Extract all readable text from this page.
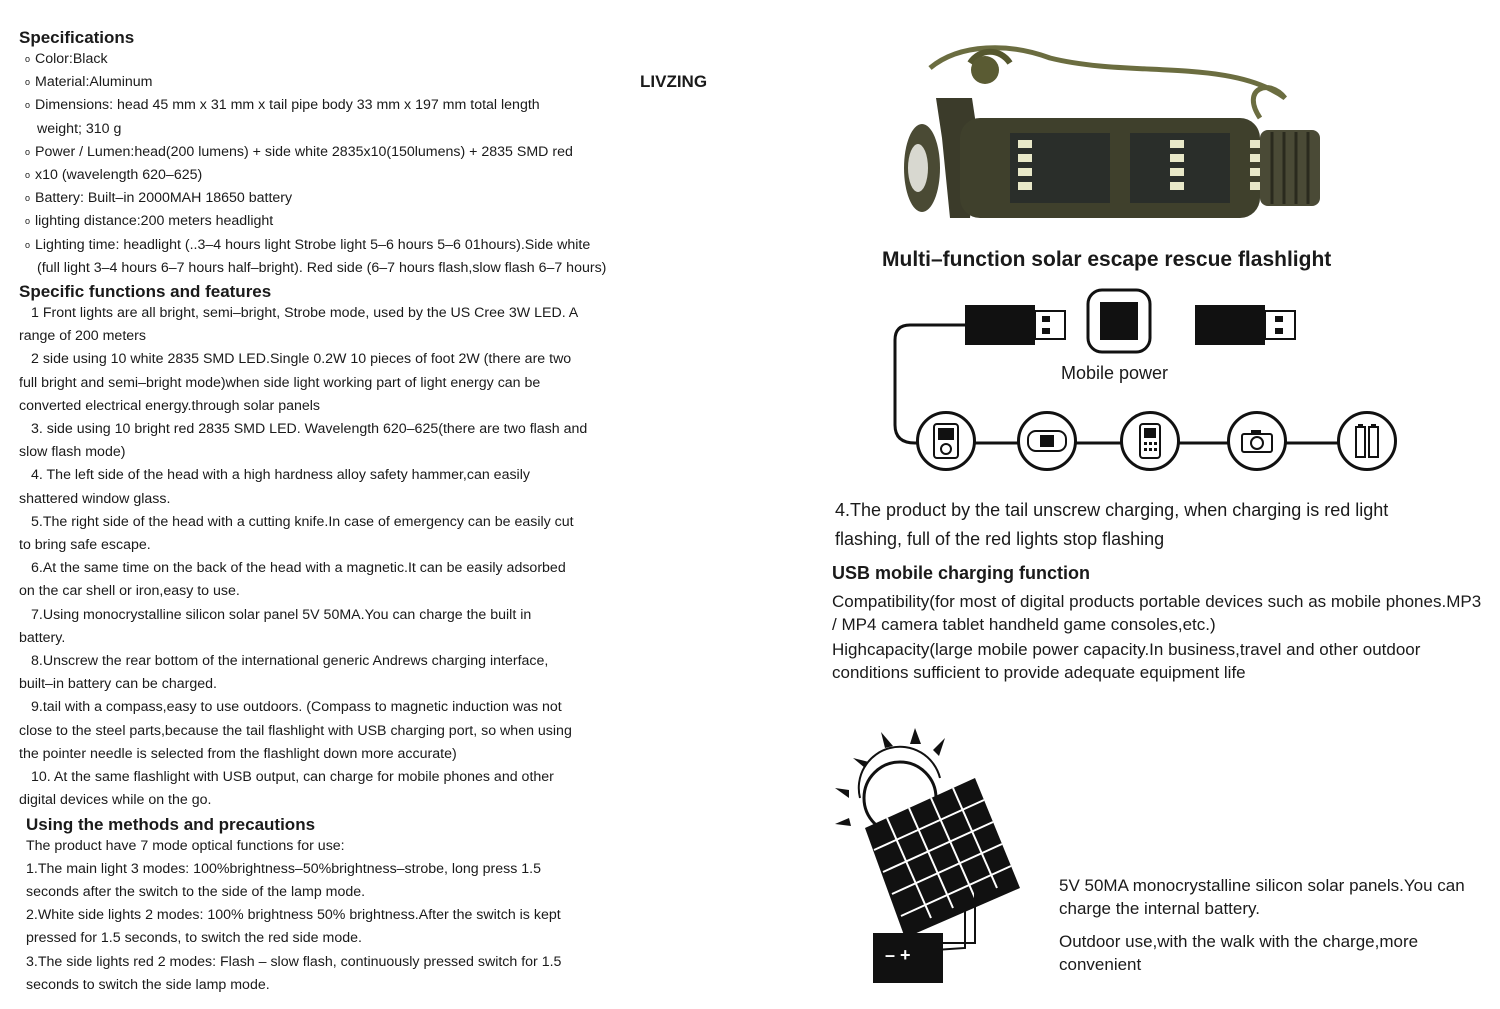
Specifications
o Color:Black
o Material:Aluminum
o Dimensions: head 45 mm x 31 mm x tail pipe body 33 mm x 197 mm total length
weight; 310 g
o Power / Lumen:head(200 lumens) + side white 2835x10(150lumens) + 2835 SMD red
o x10 (wavelength 620–625)
o Battery: Built–in 2000MAH 18650 battery
o lighting distance:200 meters headlight
o Lighting time: headlight (..3–4 hours light Strobe light 5–6 hours 5–6 01hours).Side white
(full light 3–4 hours 6–7 hours half–bright). Red side (6–7 hours flash,slow flash 6–7 hours)
Specific functions and features
1 Front lights are all bright, semi–bright, Strobe mode, used by the US Cree 3W LED. A
range of 200 meters
2 side using 10 white 2835 SMD LED.Single 0.2W 10 pieces of foot 2W (there are two
full bright and semi–bright mode)when side light working part of light energy can be
converted electrical energy.through solar panels
3. side using 10 bright red 2835 SMD LED. Wavelength 620–625(there are two flash and
slow flash mode)
4. The left side of the head with a high hardness alloy safety hammer,can easily
shattered window glass.
5.The right side of the head with a cutting knife.In case of emergency can be easily cut
to bring safe escape.
6.At the same time on the back of the head with a magnetic.It can be easily adsorbed
on the car shell or iron,easy to use.
7.Using monocrystalline silicon solar panel 5V 50MA.You can charge the built in
battery.
8.Unscrew the rear bottom of the international generic Andrews charging interface,
built–in battery can be charged.
9.tail with a compass,easy to use outdoors. (Compass to magnetic induction was not
close to the steel parts,because the tail flashlight with USB charging port, so when using
the pointer needle is selected from the flashlight down more accurate)
10. At the same flashlight with USB output, can charge for mobile phones and other
digital devices while on the go.
Using the methods and precautions
The product have 7 mode optical functions for use:
1.The main light 3 modes: 100%brightness–50%brightness–strobe, long press 1.5
seconds after the switch to the side of the lamp mode.
2.White side lights 2 modes: 100% brightness 50% brightness.After the switch is kept
pressed for 1.5 seconds, to switch the red side mode.
3.The side lights red 2 modes: Flash – slow flash, continuously pressed switch for 1.5
seconds to switch the side lamp mode.
LIVZING
Multi–function solar escape rescue flashlight
Mobile power
4.The product by the tail unscrew charging, when charging is red light
flashing, full of the red lights stop flashing
USB mobile charging function
Compatibility(for most of digital products portable devices such as mobile phones.MP3
/ MP4 camera tablet handheld game consoles,etc.)
Highcapacity(large mobile power capacity.In business,travel and other outdoor
conditions sufficient to provide adequate equipment life
– +
5V 50MA monocrystalline silicon solar panels.You can
charge the internal battery.
Outdoor use,with the walk with the charge,more
convenient
